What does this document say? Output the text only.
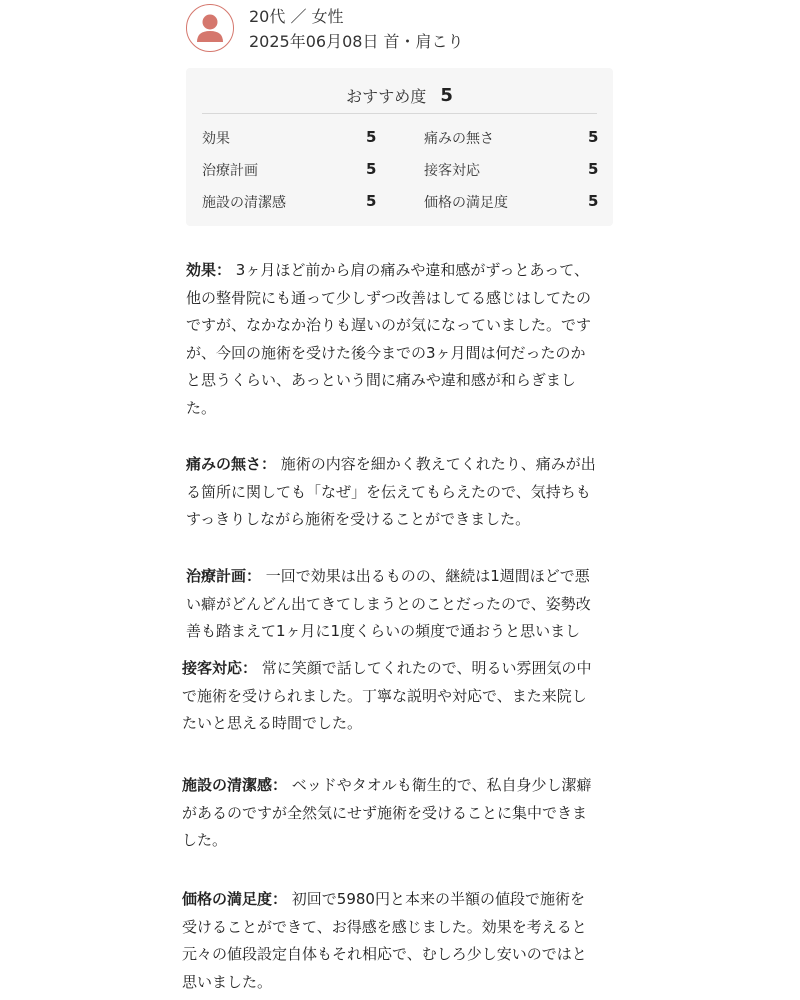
20代 ／ 女性
2025年06月08日 首・肩こり
おすすめ度 5
効果	5	痛みの無さ	5
治療計画	5	接客対応	5
施設の清潔感	5	価格の満足度	5
効果： 3ヶ月ほど前から肩の痛みや違和感がずっとあって、
他の整骨院にも通って少しずつ改善はしてる感じはしてたの
ですが、なかなか治りも遅いのが気になっていました。です
が、今回の施術を受けた後今までの3ヶ月間は何だったのか
と思うくらい、あっという間に痛みや違和感が和らぎまし
た。
痛みの無さ： 施術の内容を細かく教えてくれたり、痛みが出
る箇所に関しても「なぜ」を伝えてもらえたので、気持ちも
すっきりしながら施術を受けることができました。
治療計画： 一回で効果は出るものの、継続は1週間ほどで悪
い癖がどんどん出てきてしまうとのことだったので、姿勢改
善も踏まえて1ヶ月に1度くらいの頻度で通おうと思いまし
接客対応： 常に笑顔で話してくれたので、明るい雰囲気の中
で施術を受けられました。丁寧な説明や対応で、また来院し
たいと思える時間でした。
施設の清潔感： ベッドやタオルも衛生的で、私自身少し潔癖
があるのですが全然気にせず施術を受けることに集中できま
した。
価格の満足度： 初回で5980円と本来の半額の値段で施術を
受けることができて、お得感を感じました。効果を考えると
元々の値段設定自体もそれ相応で、むしろ少し安いのではと
思いました。
